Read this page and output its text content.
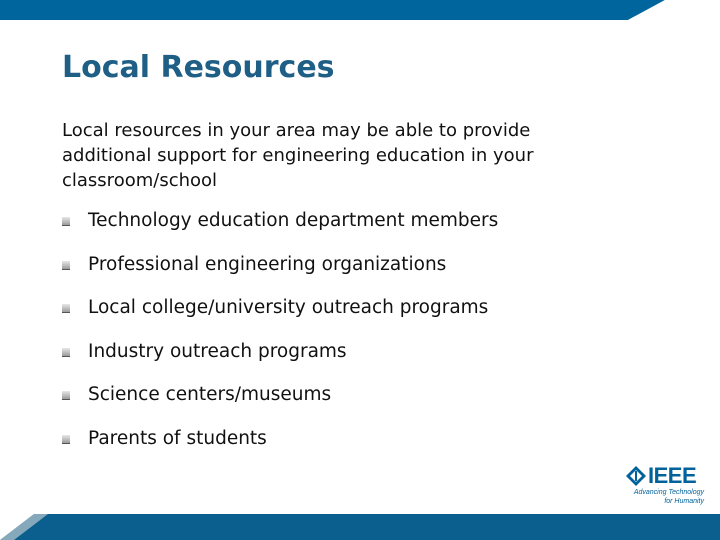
Local Resources

Local resources in your area may be able to provide additional support for engineering education in your classroom/school

Technology education department members
Professional engineering organizations
Local college/university outreach programs
Industry outreach programs
Science centers/museums
Parents of students
IEEE
Advancing Technology
for Humanity
